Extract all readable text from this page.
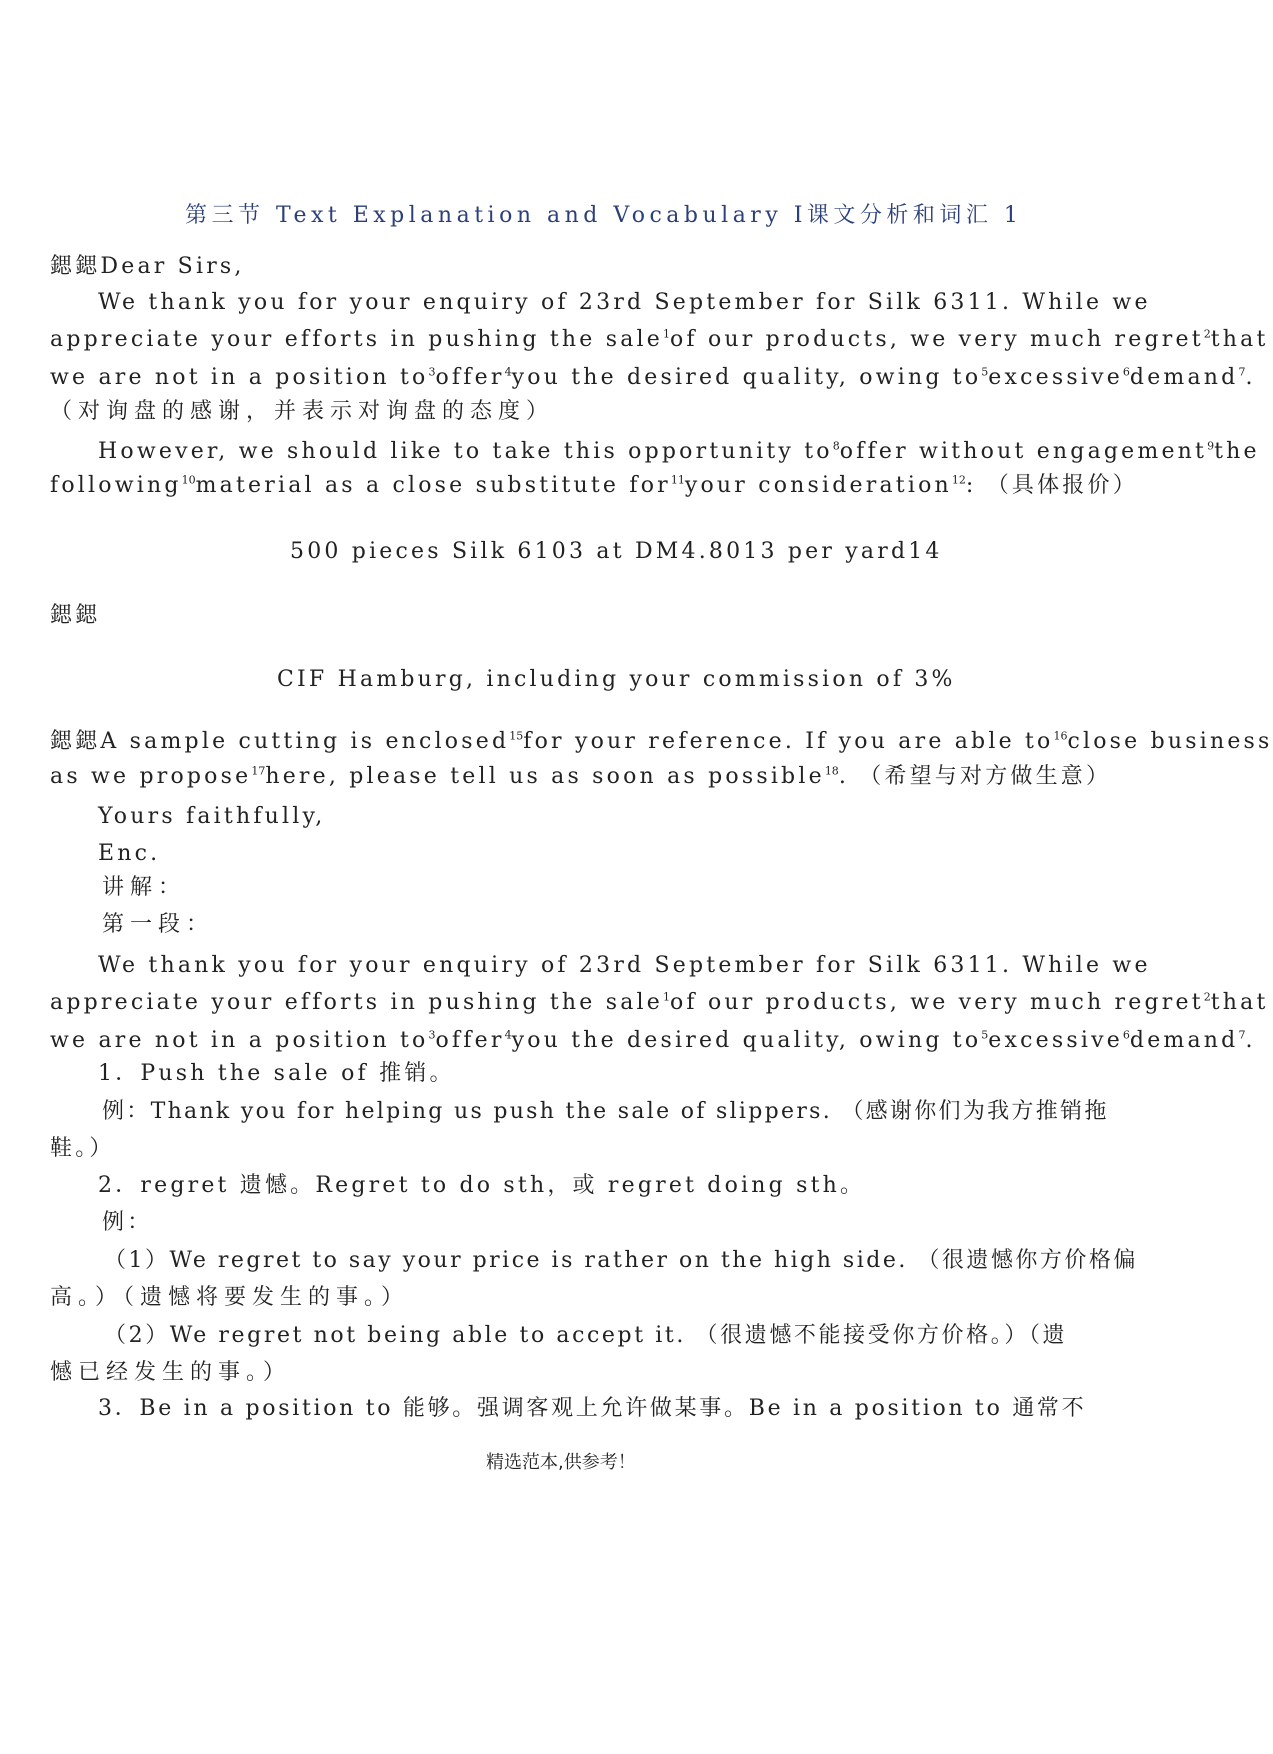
第三节 Text Explanation and Vocabulary Ⅰ课文分析和词汇 1
鍶鍶Dear Sirs,
We thank you for your enquiry of 23rd September for Silk 6311. While we
appreciate your efforts in pushing the sale$^1$of our products, we very much regret$^2$that
we are not in a position $to^3offer^4you$ the desired quality, owing $to^5excessive^6demand^7$.
（对询盘的感谢，并表示对询盘的态度）
However, we should like to take this opportunity $to^8offer$ without engagement$^9$the
following$^{10}$material as a close substitute for$^{11}$your consideration$^{12}$: （具体报价）
500 pieces Silk 6103 at DM4.8013 per yard14
鍶鍶
CIF Hamburg, including your commission of 3%
鍶鍶A sample cutting is enclosed$^{15}$for your reference. If you are able $to^{16}close$ business
as we propose$^{17}$here, please tell us as soon as possible$^{18}$. （希望与对方做生意）
Yours faithfully,
Enc.
讲解：
第一段：
We thank you for your enquiry of 23rd September for Silk 6311. While we
appreciate your efforts in pushing the sale$^1$of our products, we very much regret$^2$that
we are not in a position $to^3offer^4you$ the desired quality, owing $to^5excessive^6demand^7$.
1．Push the sale of 推销。
例：Thank you for helping us push the sale of slippers. （感谢你们为我方推销拖
鞋。）
2．regret 遗憾。Regret to do sth，或 regret doing sth。
例：
（1）We regret to say your price is rather on the high side. （很遗憾你方价格偏
高。）（遗憾将要发生的事。）
（2）We regret not being able to accept it. （很遗憾不能接受你方价格。）（遗
憾已经发生的事。）
3．Be in a position to 能够。强调客观上允许做某事。Be in a position to 通常不
精选范本,供参考！
